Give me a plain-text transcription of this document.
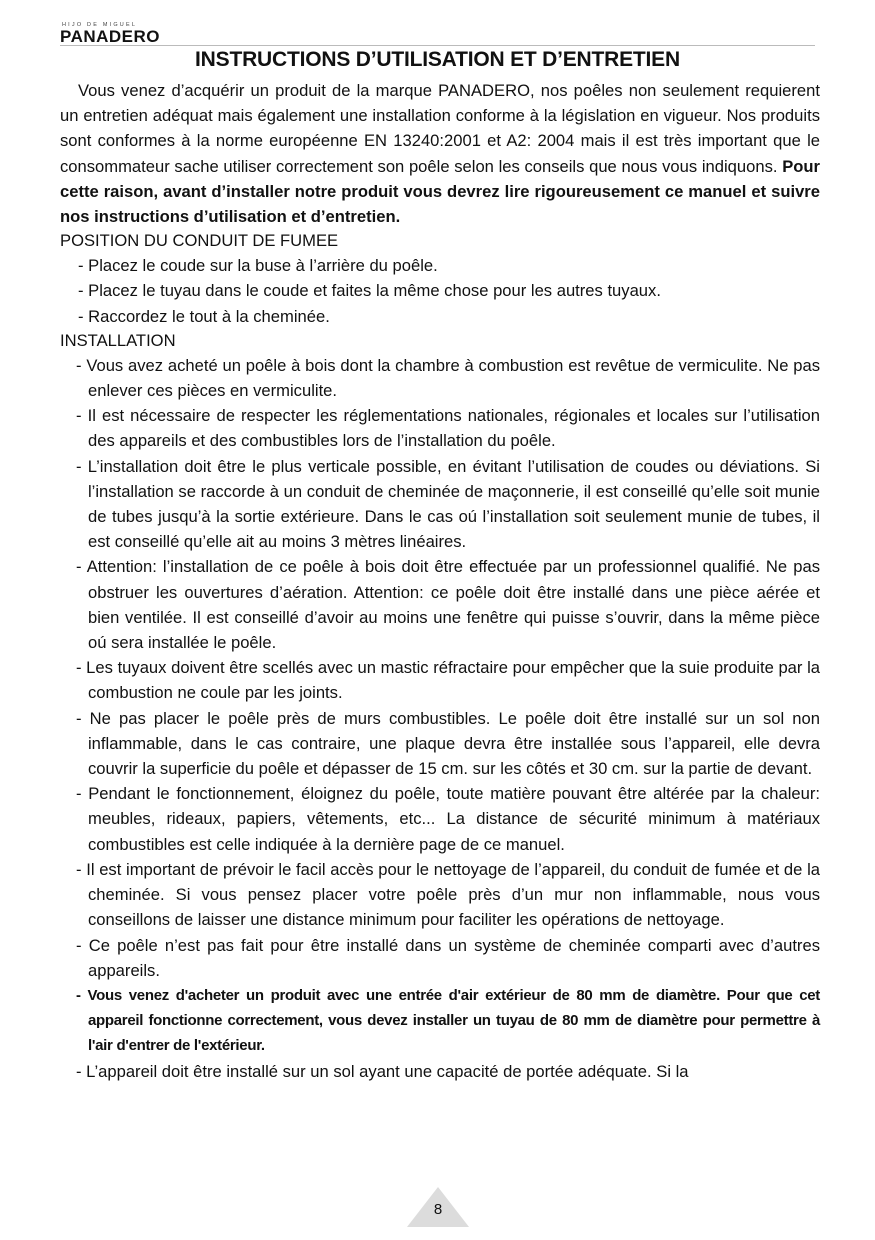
HIJO DE MIGUEL
PANADERO
INSTRUCTIONS D’UTILISATION ET D’ENTRETIEN

Vous venez d’acquérir un produit de la marque PANADERO, nos poêles non seulement requierent un entretien adéquat mais également une installation conforme à la législation en vigueur. Nos produits sont conformes à la norme européenne EN 13240:2001 et A2: 2004 mais il est très important que le consommateur sache utiliser correctement son poêle selon les conseils que nous vous indiquons. Pour cette raison, avant d’installer notre produit vous devrez lire rigoureusement ce manuel et suivre nos instructions d’utilisation et d’entretien.

POSITION DU CONDUIT DE FUMEE
- Placez le coude sur la buse à l’arrière du poêle.
- Placez le tuyau dans le coude et faites la même chose pour les autres tuyaux.
- Raccordez le tout à la cheminée.
INSTALLATION
- Vous avez acheté un poêle à bois dont la chambre à combustion est revêtue de vermiculite. Ne pas enlever ces pièces en vermiculite.
- Il est nécessaire de respecter les réglementations nationales, régionales et locales sur l’utilisation des appareils et des combustibles lors de l’installation du poêle.
- L’installation doit être le plus verticale possible, en évitant l’utilisation de coudes ou déviations. Si l’installation se raccorde à un conduit de cheminée de maçonnerie, il est conseillé qu’elle soit munie de tubes jusqu’à la sortie extérieure. Dans le cas oú l’installation soit seulement munie de tubes, il est conseillé qu’elle ait au moins 3 mètres linéaires.
- Attention: l’installation de ce poêle à bois doit être effectuée par un professionnel qualifié. Ne pas obstruer les ouvertures d’aération. Attention: ce poêle doit être installé dans une pièce aérée et bien ventilée. Il est conseillé d’avoir au moins une fenêtre qui puisse s’ouvrir, dans la même pièce oú sera installée le poêle.
- Les tuyaux doivent être scellés avec un mastic réfractaire pour empêcher que la suie produite par la combustion ne coule par les joints.
- Ne pas placer le poêle près de murs combustibles. Le poêle doit être installé sur un sol non inflammable, dans le cas contraire, une plaque devra être installée sous l’appareil, elle devra couvrir la superficie du poêle et dépasser de 15 cm. sur les côtés et 30 cm. sur la partie de devant.
- Pendant le fonctionnement, éloignez du poêle, toute matière pouvant être altérée par la chaleur: meubles, rideaux, papiers, vêtements, etc... La distance de sécurité minimum à matériaux combustibles est celle indiquée à la dernière page de ce manuel.
- Il est important de prévoir le facil accès pour le nettoyage de l’appareil, du conduit de fumée et de la cheminée. Si vous pensez placer votre poêle près d’un mur non inflammable, nous vous conseillons de laisser une distance minimum pour faciliter les opérations de nettoyage.
- Ce poêle n’est pas fait pour être installé dans un système de cheminée comparti avec d’autres appareils.
- Vous venez d'acheter un produit avec une entrée d'air extérieur de 80 mm de diamètre. Pour que cet appareil fonctionne correctement, vous devez installer un tuyau de 80 mm de diamètre pour permettre à l'air d'entrer de l'extérieur.
- L’appareil doit être installé sur un sol ayant une capacité de portée adéquate. Si la
8
